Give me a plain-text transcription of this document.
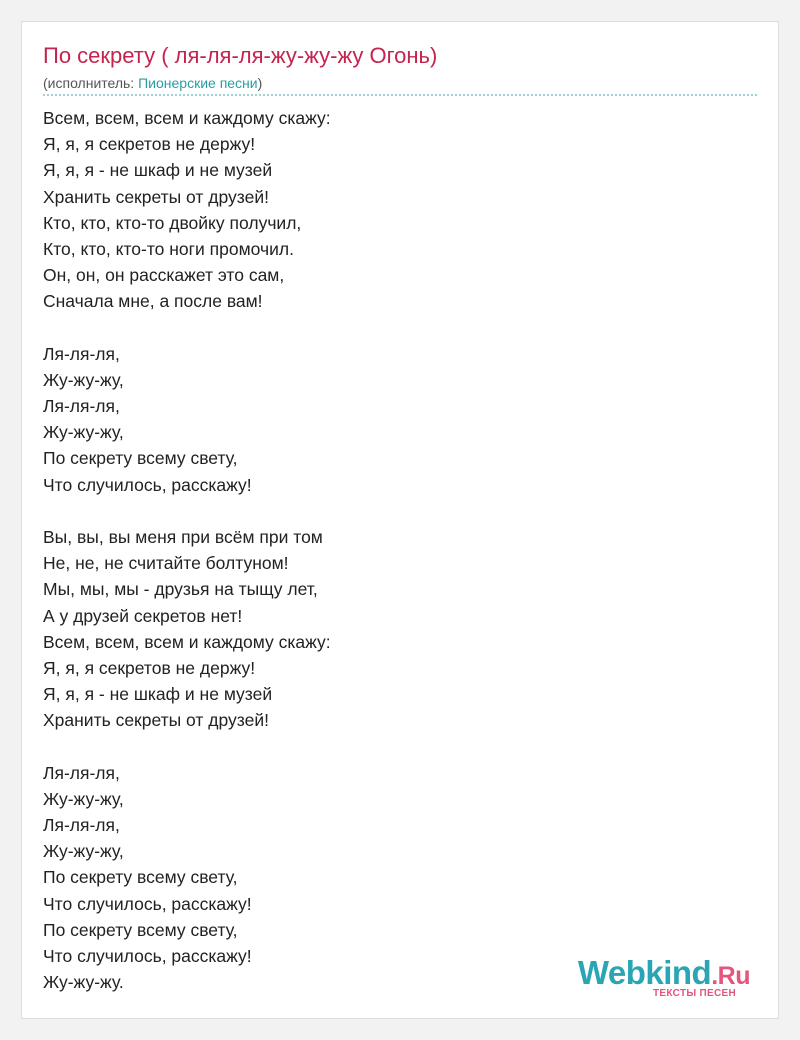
По секрету ( ля-ля-ля-жу-жу-жу Огонь)
(исполнитель: Пионерские песни)
Всем, всем, всем и каждому скажу:
Я, я, я секретов не держу!
Я, я, я - не шкаф и не музей
Хранить секреты от друзей!
Кто, кто, кто-то двойку получил,
Кто, кто, кто-то ноги промочил.
Он, он, он расскажет это сам,
Сначала мне, а после вам!
Ля-ля-ля,
Жу-жу-жу,
Ля-ля-ля,
Жу-жу-жу,
По секрету всему свету,
Что случилось, расскажу!
Вы, вы, вы меня при всём при том
Не, не, не считайте болтуном!
Мы, мы, мы - друзья на тыщу лет,
А у друзей секретов нет!
Всем, всем, всем и каждому скажу:
Я, я, я секретов не держу!
Я, я, я - не шкаф и не музей
Хранить секреты от друзей!
Ля-ля-ля,
Жу-жу-жу,
Ля-ля-ля,
Жу-жу-жу,
По секрету всему свету,
Что случилось, расскажу!
По секрету всему свету,
Что случилось, расскажу!
Жу-жу-жу.	Webkind.Ru
ТЕКСТЫ ПЕСЕН
